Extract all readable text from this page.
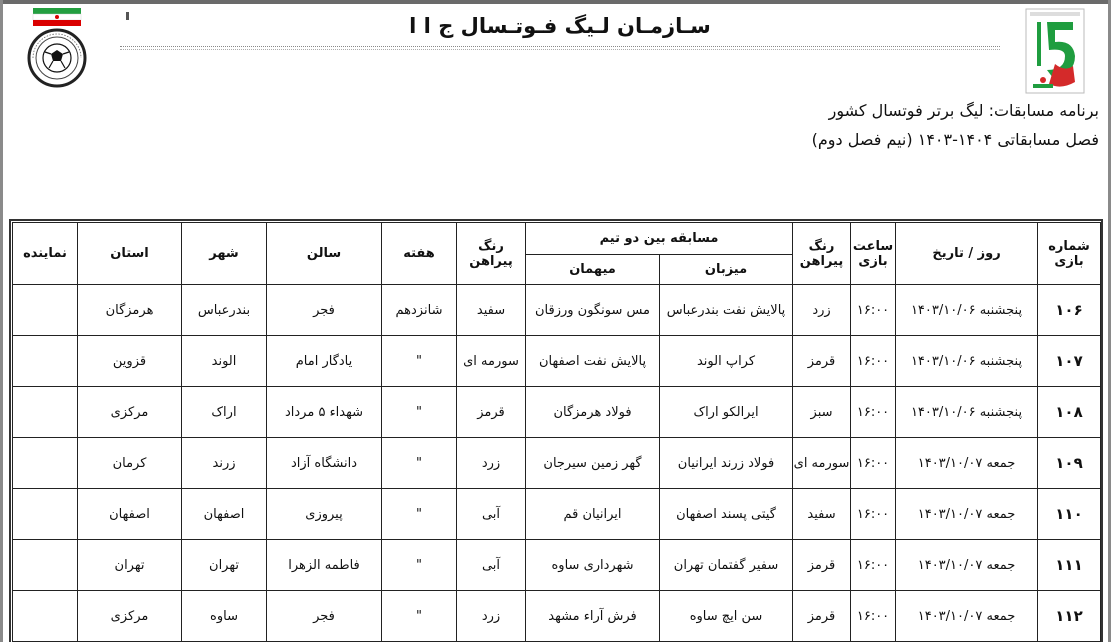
سـازمـان لـيگ فـوتـسال ج ا ا
برنامه مسابقات: لیگ برتر فوتسال کشور
فصل مسابقاتی ۱۴۰۴-۱۴۰۳ (نیم فصل دوم)
شماره بازی	روز / تاریخ	ساعت بازی	رنگ پیراهن	مسابقه بین دو تیم		رنگ پیراهن	هفته	سالن	شهر	استان	نماینده
				میزبان	میهمان						
۱۰۶	پنجشنبه ۱۴۰۳/۱۰/۰۶	۱۶:۰۰	زرد	پالایش نفت بندرعباس	مس سونگون ورزقان	سفید	شانزدهم	فجر	بندرعباس	هرمزگان	
۱۰۷	پنجشنبه ۱۴۰۳/۱۰/۰۶	۱۶:۰۰	قرمز	کراپ الوند	پالایش نفت اصفهان	سورمه ای	"	یادگار امام	الوند	قزوین	
۱۰۸	پنجشنبه ۱۴۰۳/۱۰/۰۶	۱۶:۰۰	سبز	ایرالکو اراک	فولاد هرمزگان	قرمز	"	شهداء ۵ مرداد	اراک	مرکزی	
۱۰۹	جمعه ۱۴۰۳/۱۰/۰۷	۱۶:۰۰	سورمه ای	فولاد زرند ایرانیان	گهر زمین سیرجان	زرد	"	دانشگاه آزاد	زرند	کرمان	
۱۱۰	جمعه ۱۴۰۳/۱۰/۰۷	۱۶:۰۰	سفید	گیتی پسند اصفهان	ایرانیان قم	آبی	"	پیروزی	اصفهان	اصفهان	
۱۱۱	جمعه ۱۴۰۳/۱۰/۰۷	۱۶:۰۰	قرمز	سفیر گفتمان تهران	شهرداری ساوه	آبی	"	فاطمه الزهرا	تهران	تهران	
۱۱۲	جمعه ۱۴۰۳/۱۰/۰۷	۱۶:۰۰	قرمز	سن ایچ ساوه	فرش آراء مشهد	زرد	"	فجر	ساوه	مرکزی	
